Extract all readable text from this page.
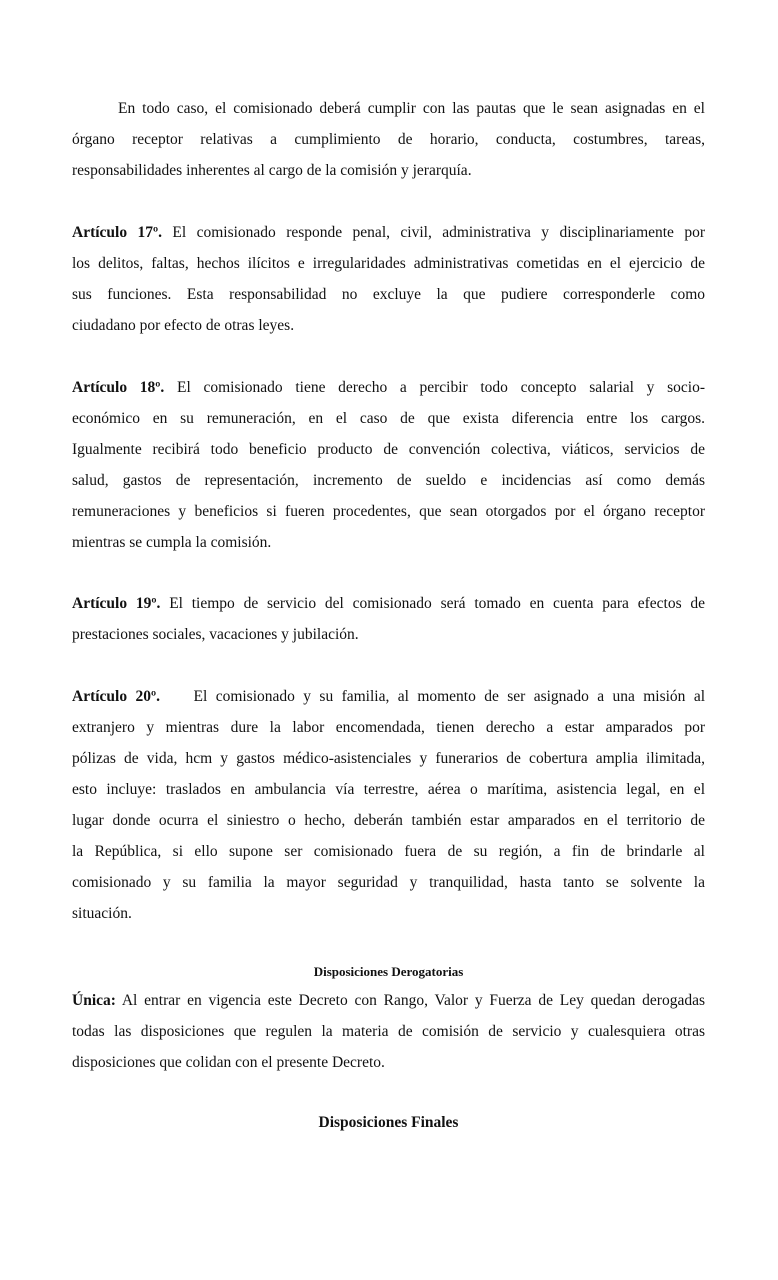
Disposiciones Derogatorias
Disposiciones Finales
En todo caso, el comisionado deberá cumplir con las pautas que le sean asignadas en el
órgano receptor relativas a cumplimiento de horario, conducta, costumbres, tareas,
responsabilidades inherentes al cargo de la comisión y jerarquía.
Artículo 17º. El comisionado responde penal, civil, administrativa y disciplinariamente por
los delitos, faltas, hechos ilícitos e irregularidades administrativas cometidas en el ejercicio de
sus funciones. Esta responsabilidad no excluye la que pudiere corresponderle como
ciudadano por efecto de otras leyes.
Artículo 18º. El comisionado tiene derecho a percibir todo concepto salarial y socio-
económico en su remuneración, en el caso de que exista diferencia entre los cargos.
Igualmente recibirá todo beneficio producto de convención colectiva, viáticos, servicios de
salud, gastos de representación, incremento de sueldo e incidencias así como demás
remuneraciones y beneficios si fueren procedentes, que sean otorgados por el órgano receptor
mientras se cumpla la comisión.
Artículo 19º. El tiempo de servicio del comisionado será tomado en cuenta para efectos de
prestaciones sociales, vacaciones y jubilación.
Artículo 20º. El comisionado y su familia, al momento de ser asignado a una misión al
extranjero y mientras dure la labor encomendada, tienen derecho a estar amparados por
pólizas de vida, hcm y gastos médico-asistenciales y funerarios de cobertura amplia ilimitada,
esto incluye: traslados en ambulancia vía terrestre, aérea o marítima, asistencia legal, en el
lugar donde ocurra el siniestro o hecho, deberán también estar amparados en el territorio de
la República, si ello supone ser comisionado fuera de su región, a fin de brindarle al
comisionado y su familia la mayor seguridad y tranquilidad, hasta tanto se solvente la
situación.
Única: Al entrar en vigencia este Decreto con Rango, Valor y Fuerza de Ley quedan derogadas
todas las disposiciones que regulen la materia de comisión de servicio y cualesquiera otras
disposiciones que colidan con el presente Decreto.
